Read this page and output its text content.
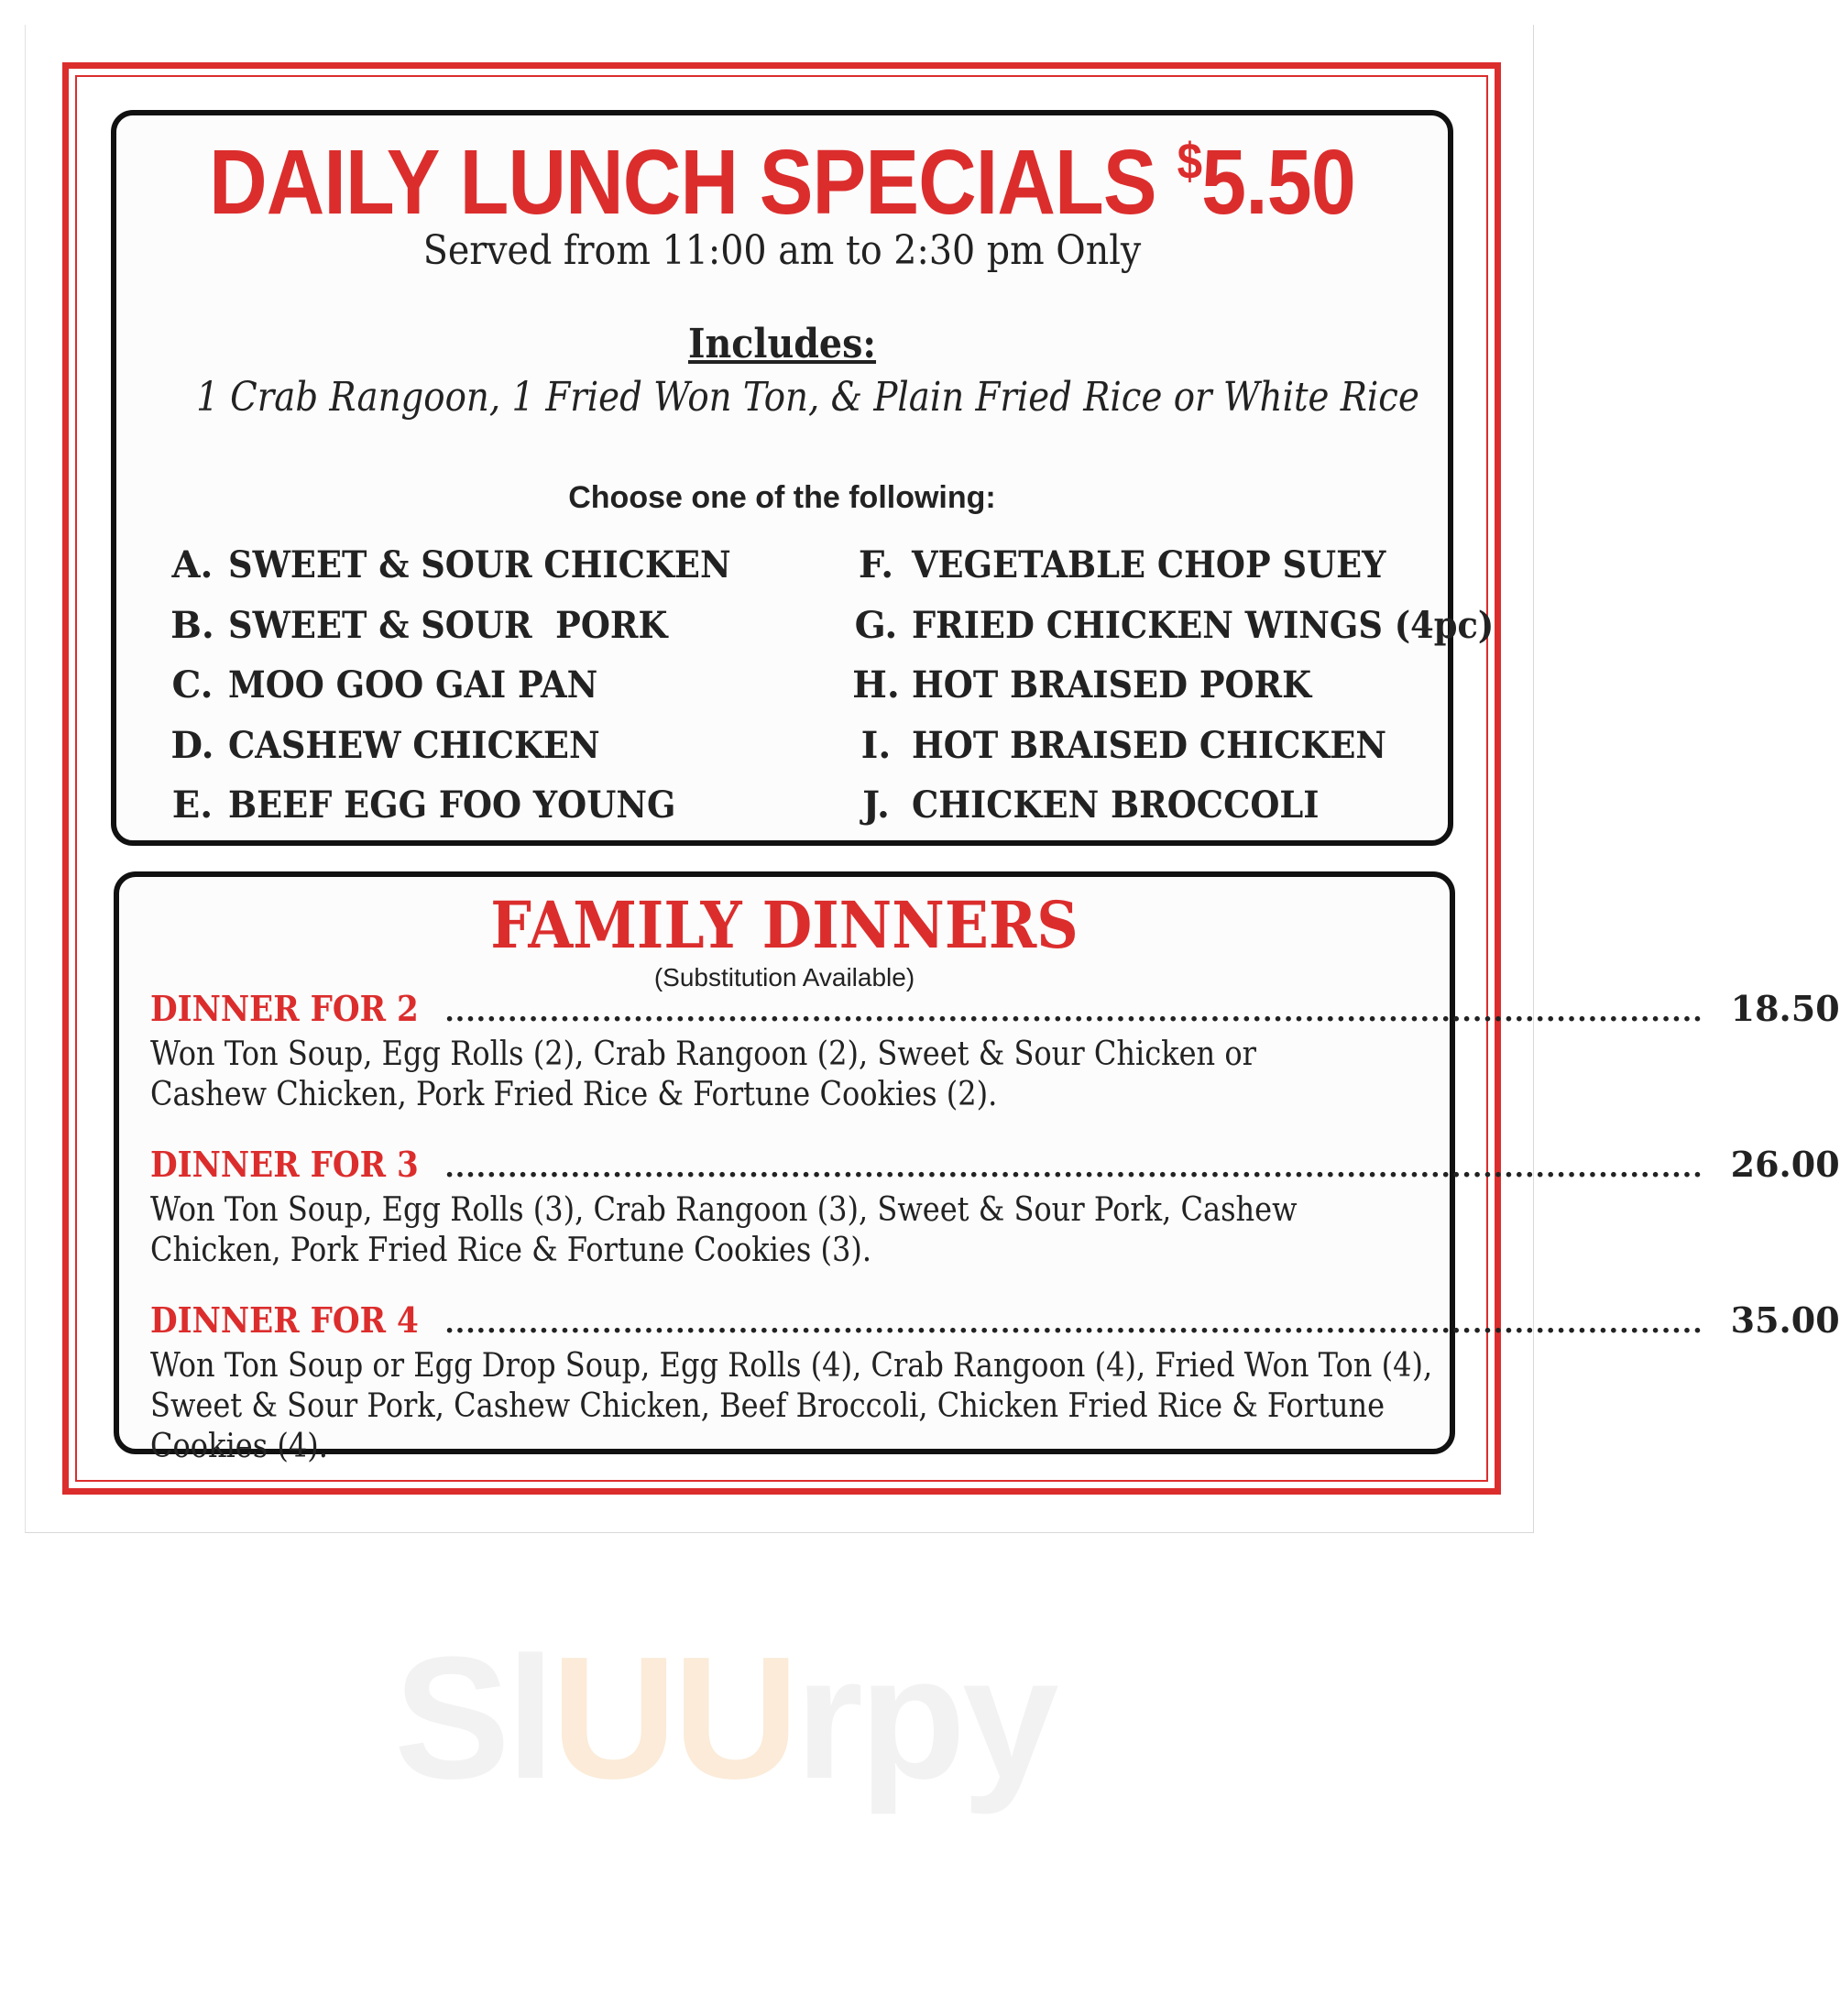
DAILY LUNCH SPECIALS $5.50
Served from 11:00 am to 2:30 pm Only
Includes:
1 Crab Rangoon, 1 Fried Won Ton, & Plain Fried Rice or White Rice
Choose one of the following:
A. SWEET & SOUR CHICKEN
B. SWEET & SOUR  PORK
C. MOO GOO GAI PAN
D. CASHEW CHICKEN
E. BEEF EGG FOO YOUNG
F. VEGETABLE CHOP SUEY
G. FRIED CHICKEN WINGS (4pc)
H. HOT BRAISED PORK
I. HOT BRAISED CHICKEN
J. CHICKEN BROCCOLI
FAMILY DINNERS
(Substitution Available)
DINNER FOR 2 ........................................................................................................................ 18.50
Won Ton Soup, Egg Rolls (2), Crab Rangoon (2), Sweet & Sour Chicken or
Cashew Chicken, Pork Fried Rice & Fortune Cookies (2).
DINNER FOR 3 ........................................................................................................................ 26.00
Won Ton Soup, Egg Rolls (3), Crab Rangoon (3), Sweet & Sour Pork, Cashew
Chicken, Pork Fried Rice & Fortune Cookies (3).
DINNER FOR 4 ........................................................................................................................ 35.00
Won Ton Soup or Egg Drop Soup, Egg Rolls (4), Crab Rangoon (4), Fried Won Ton (4),
Sweet & Sour Pork, Cashew Chicken, Beef Broccoli, Chicken Fried Rice & Fortune Cookies (4).
SlUUrpy
